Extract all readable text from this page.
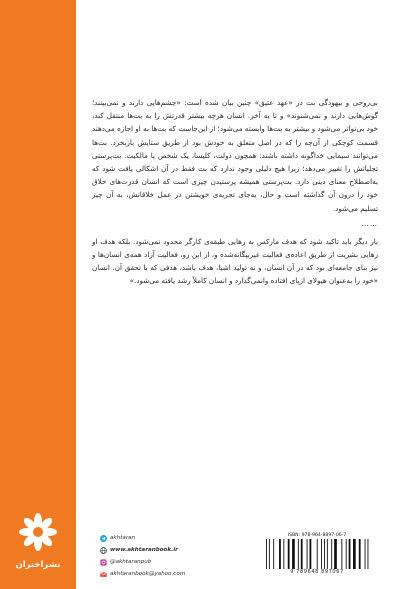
نشراختران

بی‌روحی و بیهودگی بت در «عهد عتیق» چنین بیان شده است: «چشم‌هایی دارند و نمی‌بینند؛ گوش‌هایی دارند و نمی‌شنوند» و تا به آخر. انسان هرچه بیشتر قدرتش را به بت‌ها منتقل کند، خود بی‌نواتر می‌شود و بیشتر به بت‌ها وابسته می‌شود؛ از این‌جاست که بت‌ها به او اجازه می‌دهند قسمت کوچکی از آن‌چه را که در اصل متعلق به خودش بود از طریق ستایش بازبخرد. بت‌ها می‌توانند سیمایی خداگونه داشته باشند: همچون دولت، کلیسا، یک شخص یا مالکیت. بت‌پرستی تجلیاتش را تغییر می‌دهد؛ زیرا هیچ دلیلی وجود ندارد که بت فقط در آن اشکالی یافت شود که به‌اصطلاح معنای دینی دارد. بت‌پرستی همیشه پرستیدن چیزی است که انسان قدرت‌های خلاق خود را درون آن گذاشته است و حال، به‌جای تجربه‌ی خویشتن در عمل خلاقانش، به آن چیز تسلیم می‌شود.

……

بار دیگر باید تاکید شود که هدف مارکس به رهایی طبقه‌ی کارگر محدود نمی‌شود. بلکه هدف او رهایی بشریت از طریق اعاده‌ی فعالیت غیربیگانه‌شده و، از این رو، فعالیت آزاد همه‌ی انسان‌ها و نیز بنای جامعه‌ای بود که در آن انسان، و نه تولید اشیا، هدف باشد، هدفی که با تحقق آن، انسان «خود را به‌عنوان هیولای ازپای افتاده وانمی‌گذارد و انسان کاملاً رشد یافته می‌شود.»

akhtaran
www.akhtaranbook.ir
@akhtaranpub
akhtaranbook@yahoo.com
ISBN: 978-964-8897-06-7
9 789648 897067
